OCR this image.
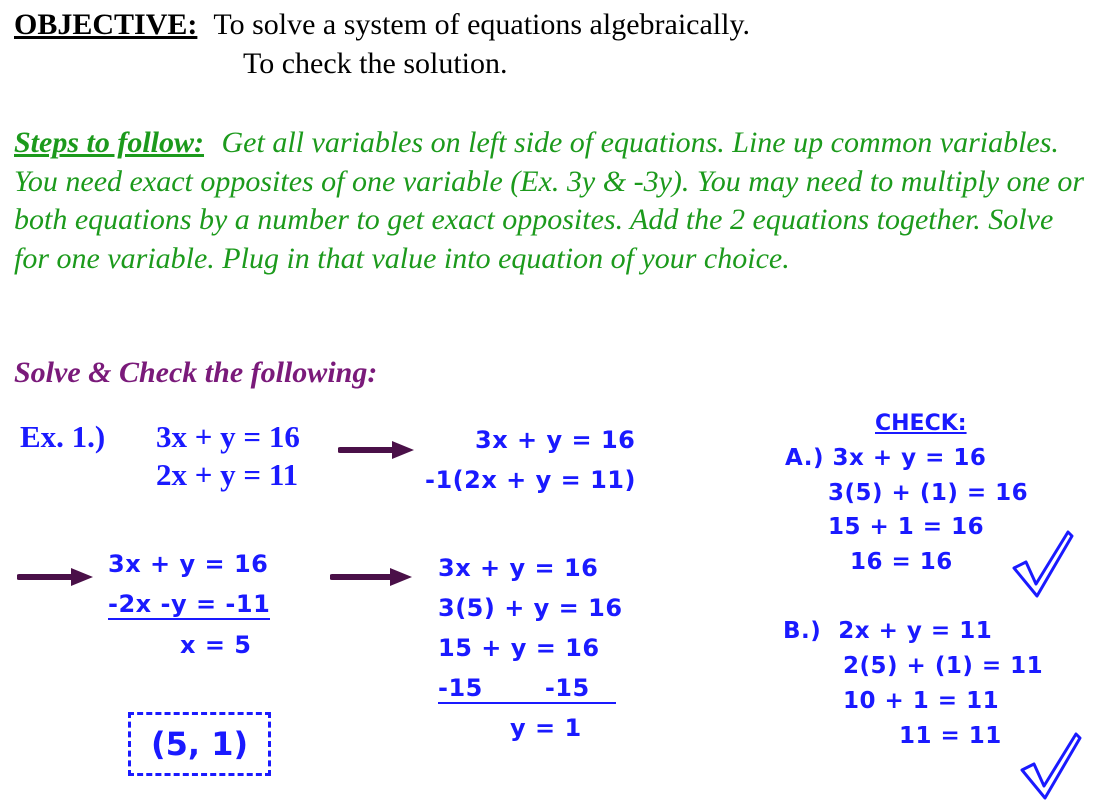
OBJECTIVE: To solve a system of equations algebraically.
To check the solution.
Steps to follow: Get all variables on left side of equations. Line up common variables. You need exact opposites of one variable (Ex. 3y & -3y). You may need to multiply one or both equations by a number to get exact opposites. Add the 2 equations together. Solve for one variable. Plug in that value into equation of your choice.
Solve & Check the following:
Ex. 1.) 3x + y = 16
2x + y = 11
3x + y = 16
-1(2x + y = 11)
3x + y = 16
-2x -y = -11
x = 5
3x + y = 16
3(5) + y = 16
15 + y = 16
-15       -15
y = 1
(5, 1)
CHECK:
A.) 3x + y = 16
3(5) + (1) = 16
15 + 1 = 16
16 = 16
B.)  2x + y = 11
2(5) + (1) = 11
10 + 1 = 11
11 = 11
